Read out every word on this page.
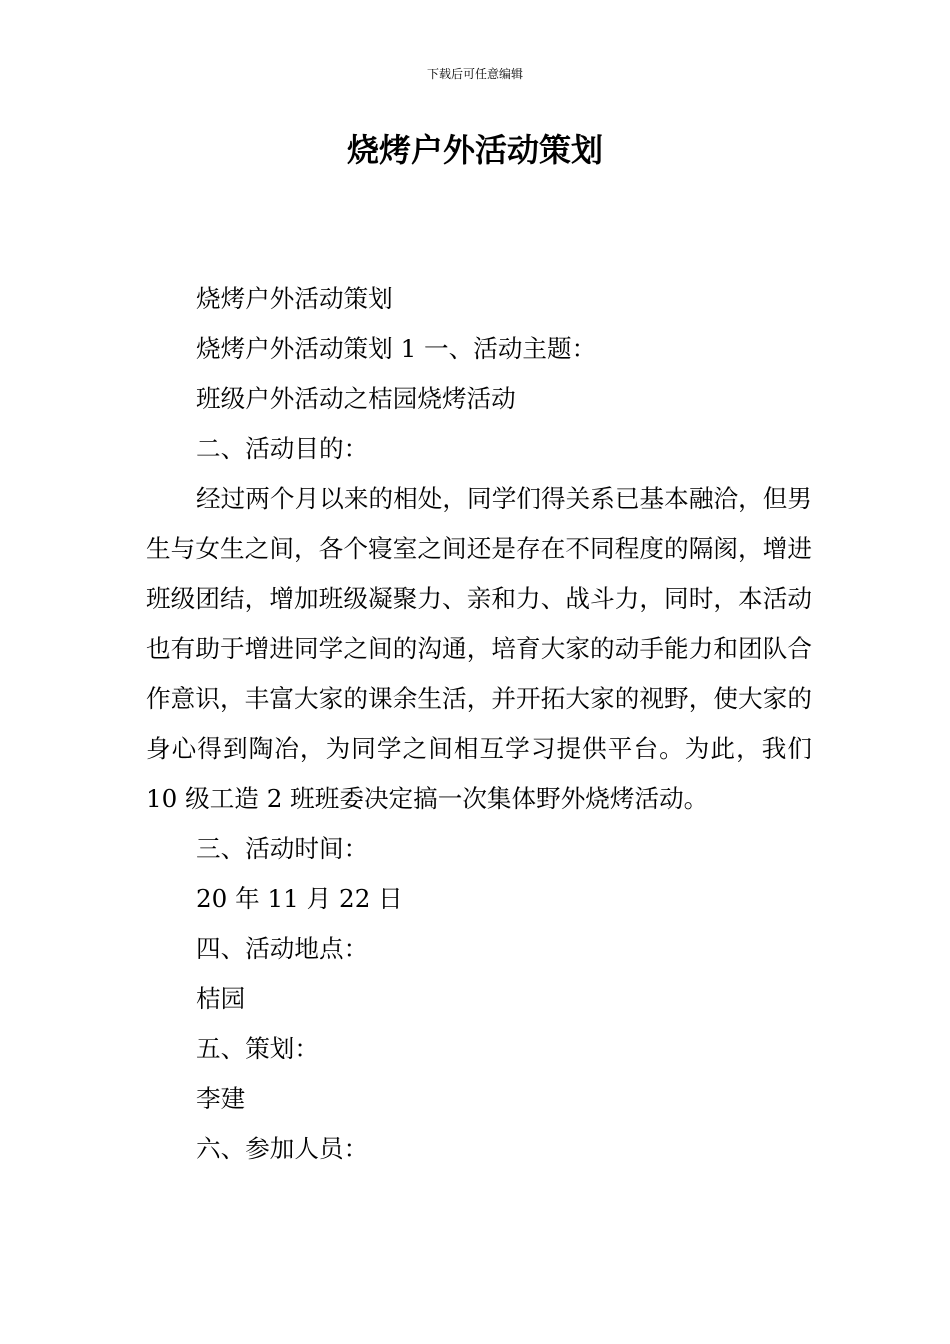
下载后可任意编辑
烧烤户外活动策划

烧烤户外活动策划

烧烤户外活动策划 1 一、活动主题：

班级户外活动之桔园烧烤活动

二、活动目的：

经过两个月以来的相处，同学们得关系已基本融洽，但男生与女生之间，各个寝室之间还是存在不同程度的隔阂，增进班级团结，增加班级凝聚力、亲和力、战斗力，同时，本活动也有助于增进同学之间的沟通，培育大家的动手能力和团队合作意识，丰富大家的课余生活，并开拓大家的视野，使大家的身心得到陶冶，为同学之间相互学习提供平台。为此，我们 10 级工造 2 班班委决定搞一次集体野外烧烤活动。

三、活动时间：

20 年 11 月 22 日

四、活动地点：

桔园

五、策划：

李建

六、参加人员：
